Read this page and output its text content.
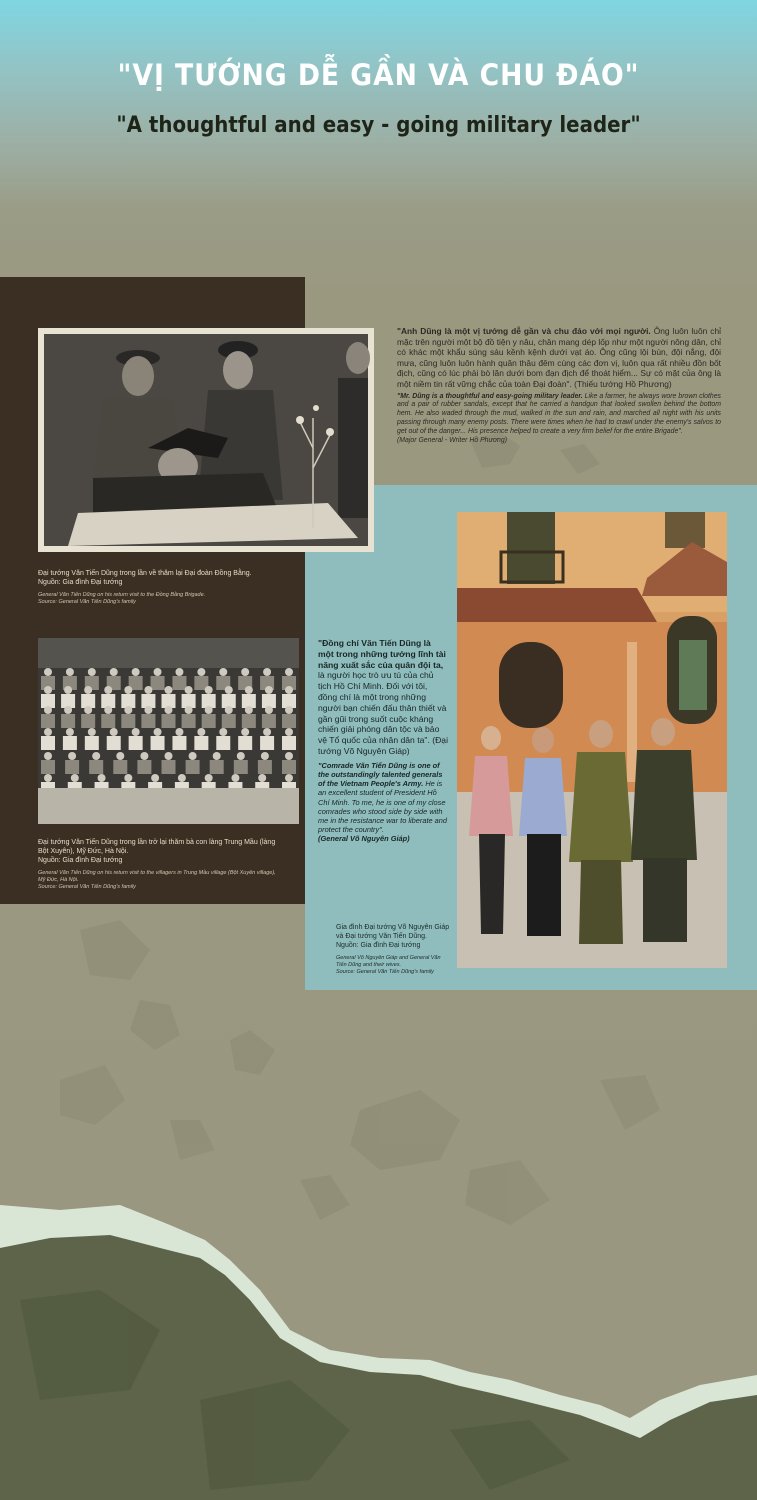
"VỊ TƯỚNG DỄ GẦN VÀ CHU ĐÁO"
"A thoughtful and easy - going military leader"
"Anh Dũng là một vị tướng dễ gần và chu đáo với mọi người. Ông luôn luôn chỉ mặc trên người một bộ đồ tiện y nâu, chân mang dép lốp như một người nông dân, chỉ có khác một khẩu súng sáu kềnh kệnh dưới vạt áo. Ông cũng lội bùn, đội nắng, đội mưa, cũng luôn luôn hành quân thâu đêm cùng các đơn vị, luôn qua rất nhiều đồn bốt địch, cũng có lúc phải bò lăn dưới bom đạn địch để thoát hiểm... Sự có mặt của ông là một niềm tin rất vững chắc của toàn Đại đoàn". (Thiếu tướng Hồ Phương)
"Mr. Dũng is a thoughtful and easy-going military leader. Like a farmer, he always wore brown clothes and a pair of rubber sandals, except that he carried a handgun that looked swollen behind the bottom hem. He also waded through the mud, walked in the sun and rain, and marched all night with his units passing through many enemy posts. There were times when he had to crawl under the enemy's salvos to get out of the danger... His presence helped to create a very firm belief for the entire Brigade".
(Major General - Writer Hồ Phương)
Đại tướng Văn Tiến Dũng trong lần về thăm lại Đại đoàn Đồng Bằng.
Nguồn: Gia đình Đại tướng
General Văn Tiến Dũng on his return visit to the Đồng Bằng Brigade.
Source: General Văn Tiến Dũng's family
Đại tướng Văn Tiến Dũng trong lần trở lại thăm bà con làng Trung Mầu (làng Bột Xuyên), Mỹ Đức, Hà Nội.
Nguồn: Gia đình Đại tướng
General Văn Tiến Dũng on his return visit to the villagers in Trung Mầu village (Bột Xuyên village), Mỹ Đức, Hà Nội.
Source: General Văn Tiến Dũng's family
"Đồng chí Văn Tiến Dũng là một trong những tướng lĩnh tài năng xuất sắc của quân đội ta, là người học trò ưu tú của chủ tịch Hồ Chí Minh. Đối với tôi, đồng chí là một trong những người bạn chiến đấu thân thiết và gần gũi trong suốt cuộc kháng chiến giải phóng dân tộc và bảo vệ Tổ quốc của nhân dân ta". (Đại tướng Võ Nguyên Giáp)
"Comrade Văn Tiến Dũng is one of the outstandingly talented generals of the Vietnam People's Army. He is an excellent student of President Hồ Chí Minh. To me, he is one of my close comrades who stood side by side with me in the resistance war to liberate and protect the country".
(General Võ Nguyên Giáp)
Gia đình Đại tướng Võ Nguyên Giáp và Đại tướng Văn Tiến Dũng.
Nguồn: Gia đình Đại tướng
General Võ Nguyên Giáp and General Văn Tiến Dũng and their wives.
Source: General Văn Tiến Dũng's family
